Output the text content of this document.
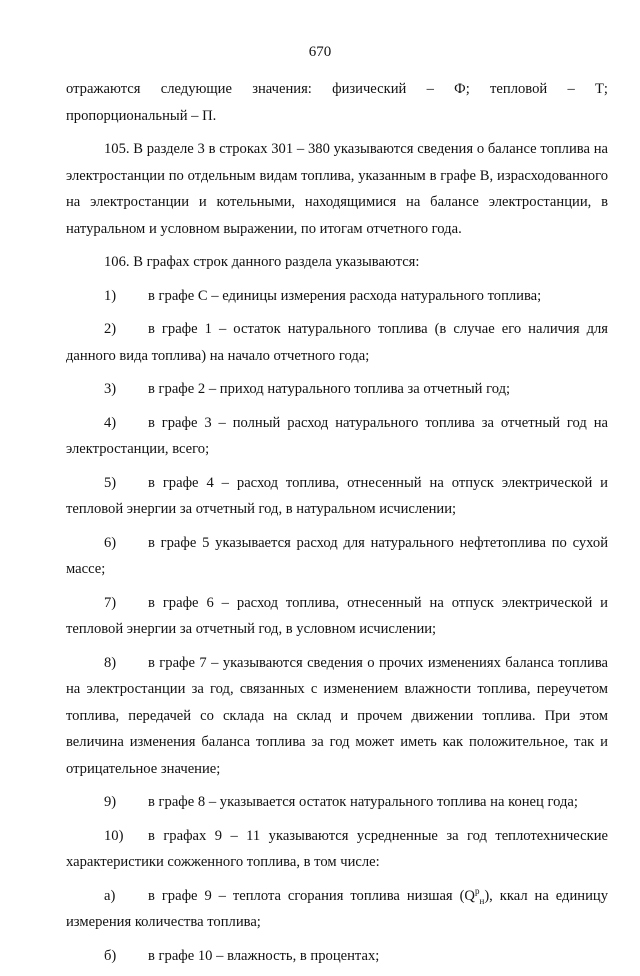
670

отражаются следующие значения: физический – Ф; тепловой – Т;

пропорциональный – П.

105. В разделе 3 в строках 301 – 380 указываются сведения о балансе топлива на электростанции по отдельным видам топлива, указанным в графе В, израсходованного на электростанции и котельными, находящимися на балансе электростанции, в натуральном и условном выражении, по итогам отчетного года.

106. В графах строк данного раздела указываются:

1) в графе С – единицы измерения расхода натурального топлива;

2) в графе 1 – остаток натурального топлива (в случае его наличия для данного вида топлива) на начало отчетного года;

3) в графе 2 – приход натурального топлива за отчетный год;

4) в графе 3 – полный расход натурального топлива за отчетный год на электростанции, всего;

5) в графе 4 – расход топлива, отнесенный на отпуск электрической и тепловой энергии за отчетный год, в натуральном исчислении;

6) в графе 5 указывается расход для натурального нефтетоплива по сухой массе;

7) в графе 6 – расход топлива, отнесенный на отпуск электрической и тепловой энергии за отчетный год, в условном исчислении;

8) в графе 7 – указываются сведения о прочих изменениях баланса топлива на электростанции за год, связанных с изменением влажности топлива, переучетом топлива, передачей со склада на склад и прочем движении топлива. При этом величина изменения баланса топлива за год может иметь как положительное, так и отрицательное значение;

9) в графе 8 – указывается остаток натурального топлива на конец года;

10) в графах 9 – 11 указываются усредненные за год теплотехнические характеристики сожженного топлива, в том числе:

а) в графе 9 – теплота сгорания топлива низшая $(Q^р_н)$, ккал на единицу измерения количества топлива;

б) в графе 10 – влажность, в процентах;
